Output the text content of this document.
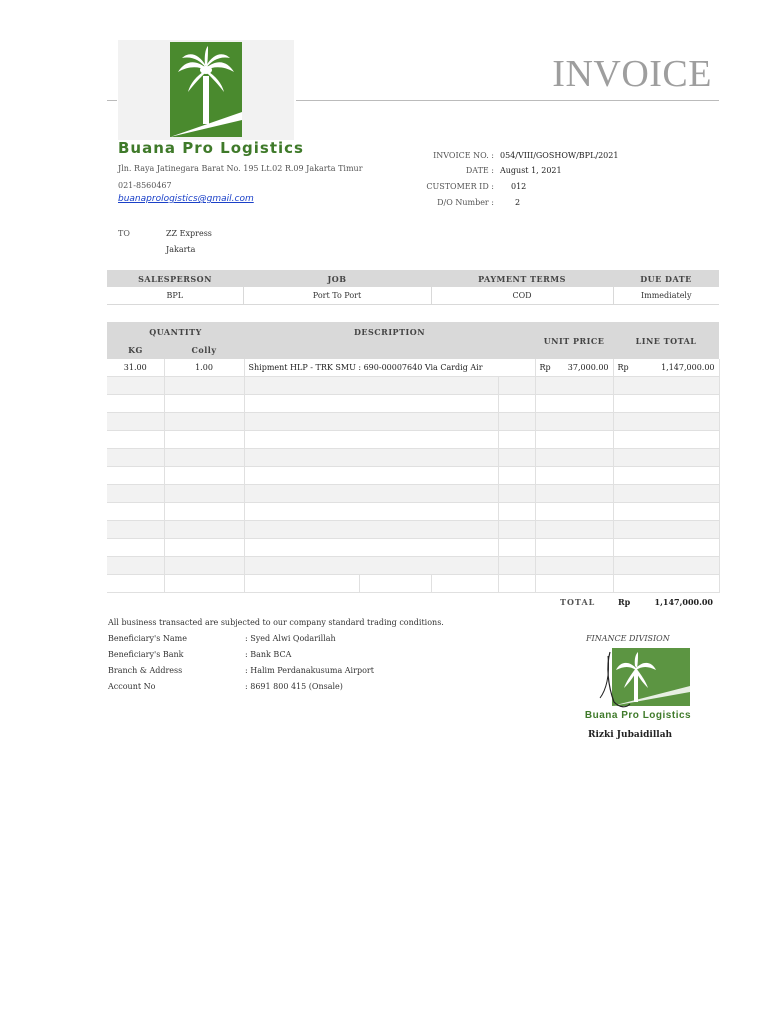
INVOICE
Buana Pro Logistics
Jln. Raya Jatinegara Barat No. 195 Lt.02 R.09 Jakarta Timur
021-8560467
buanaprologistics@gmail.com
INVOICE NO. : 054/VIII/GOSHOW/BPL/2021
DATE : August 1, 2021
CUSTOMER ID : 012
D/O Number :	2
TO	ZZ Express
Jakarta
SALESPERSON	JOB	PAYMENT TERMS	DUE DATE
BPL	Port To Port	COD	Immediately
QUANTITY		DESCRIPTION				UNIT PRICE	LINE TOTAL
KG	Colly						
31.00	1.00	Shipment HLP - TRK SMU : 690-00007640 Via Cardig Air				Rp 37,000.00	Rp 1,147,000.00

TOTAL	Rp	1,147,000.00
All business transacted are subjected to our company standard trading conditions.
Beneficiary's Name	: Syed Alwi Qodarillah
Beneficiary's Bank	: Bank BCA
Branch & Address	: Halim Perdanakusuma Airport
Account No	: 8691 800 415 (Onsale)
FINANCE DIVISION
Buana Pro Logistics
Rizki Jubaidillah
